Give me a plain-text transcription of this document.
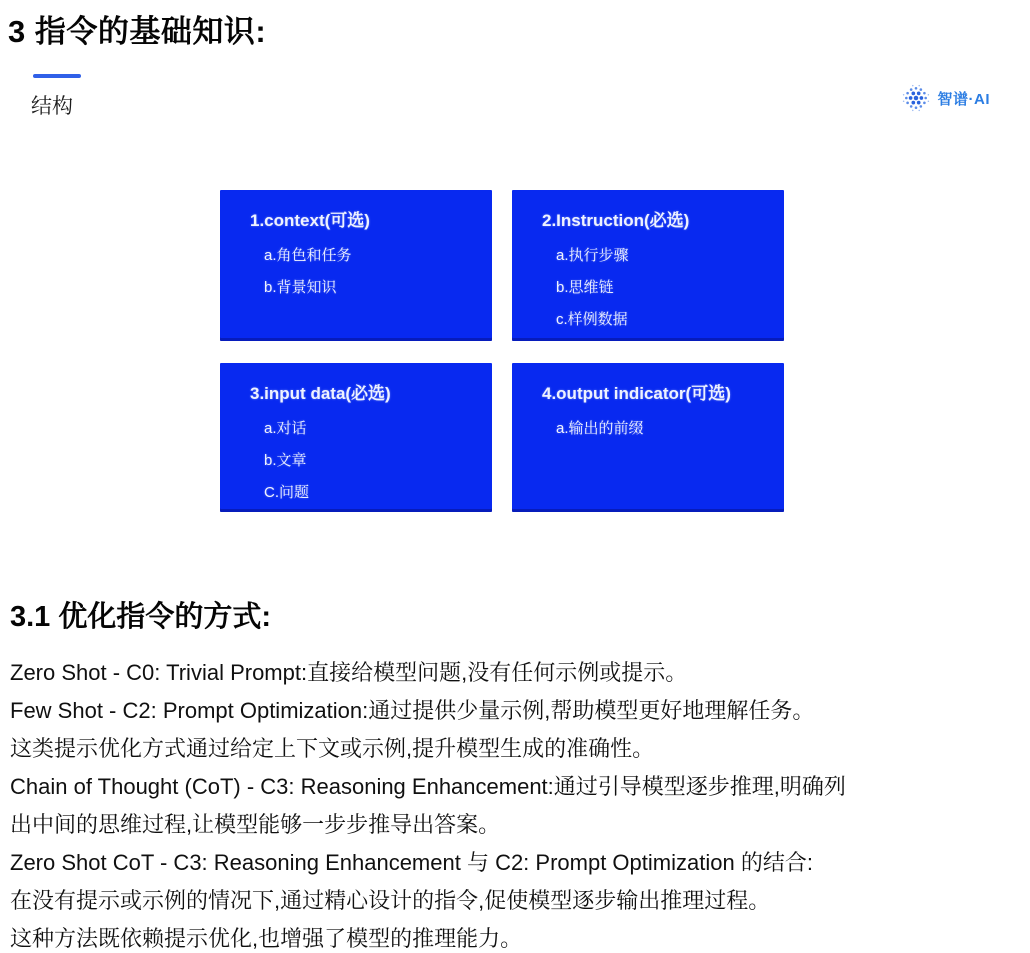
3 指令的基础知识:
结构	智谱·AI
1.context(可选)
a.角色和任务
b.背景知识
2.Instruction(必选)
a.执行步骤
b.思维链
c.样例数据
3.input data(必选)
a.对话
b.文章
C.问题
4.output indicator(可选)
a.输出的前缀
3.1 优化指令的方式:
Zero Shot - C0: Trivial Prompt:直接给模型问题,没有任何示例或提示。
Few Shot - C2: Prompt Optimization:通过提供少量示例,帮助模型更好地理解任务。
这类提示优化方式通过给定上下文或示例,提升模型生成的准确性。
Chain of Thought (CoT) - C3: Reasoning Enhancement:通过引导模型逐步推理,明确列
出中间的思维过程,让模型能够一步步推导出答案。
Zero Shot CoT - C3: Reasoning Enhancement 与 C2: Prompt Optimization 的结合:
在没有提示或示例的情况下,通过精心设计的指令,促使模型逐步输出推理过程。
这种方法既依赖提示优化,也增强了模型的推理能力。
